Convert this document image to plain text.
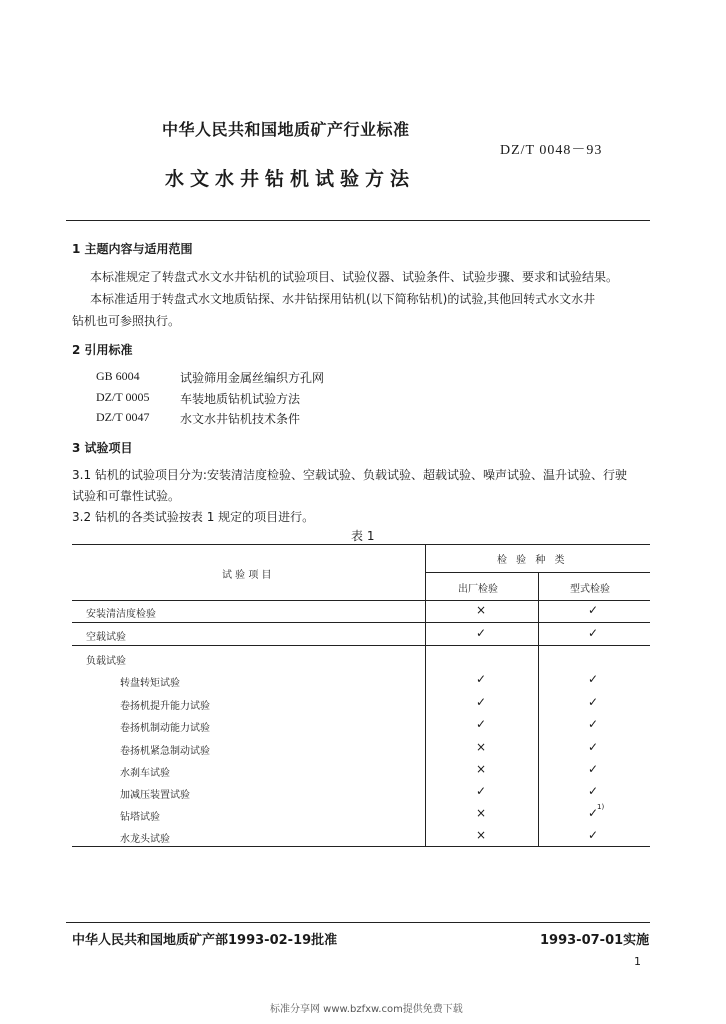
中华人民共和国地质矿产行业标准
DZ/T 0048－93
水文水井钻机试验方法
1 主题内容与适用范围
本标准规定了转盘式水文水井钻机的试验项目、试验仪器、试验条件、试验步骤、要求和试验结果。
本标准适用于转盘式水文地质钻探、水井钻探用钻机(以下简称钻机)的试验,其他回转式水文水井
钻机也可参照执行。
2 引用标准
GB 6004	试验筛用金属丝编织方孔网
DZ/T 0005	车装地质钻机试验方法
DZ/T 0047	水文水井钻机技术条件
3 试验项目
3.1 钻机的试验项目分为:安装清洁度检验、空载试验、负载试验、超载试验、噪声试验、温升试验、行驶
试验和可靠性试验。
3.2 钻机的各类试验按表 1 规定的项目进行。
表 1
试 验 项 目
检 验 种 类
出厂检验	型式检验
安装清洁度检验	×	✓
空载试验	✓	✓
负载试验
转盘转矩试验	✓	✓
卷扬机提升能力试验	✓	✓
卷扬机制动能力试验	✓	✓
卷扬机紧急制动试验	×	✓
水刹车试验	×	✓
加减压装置试验	✓	✓
钻塔试验	×	✓
1)
水龙头试验	×	✓
中华人民共和国地质矿产部1993-02-19批准	1993-07-01实施
1
标准分享网 www.bzfxw.com提供免费下载
